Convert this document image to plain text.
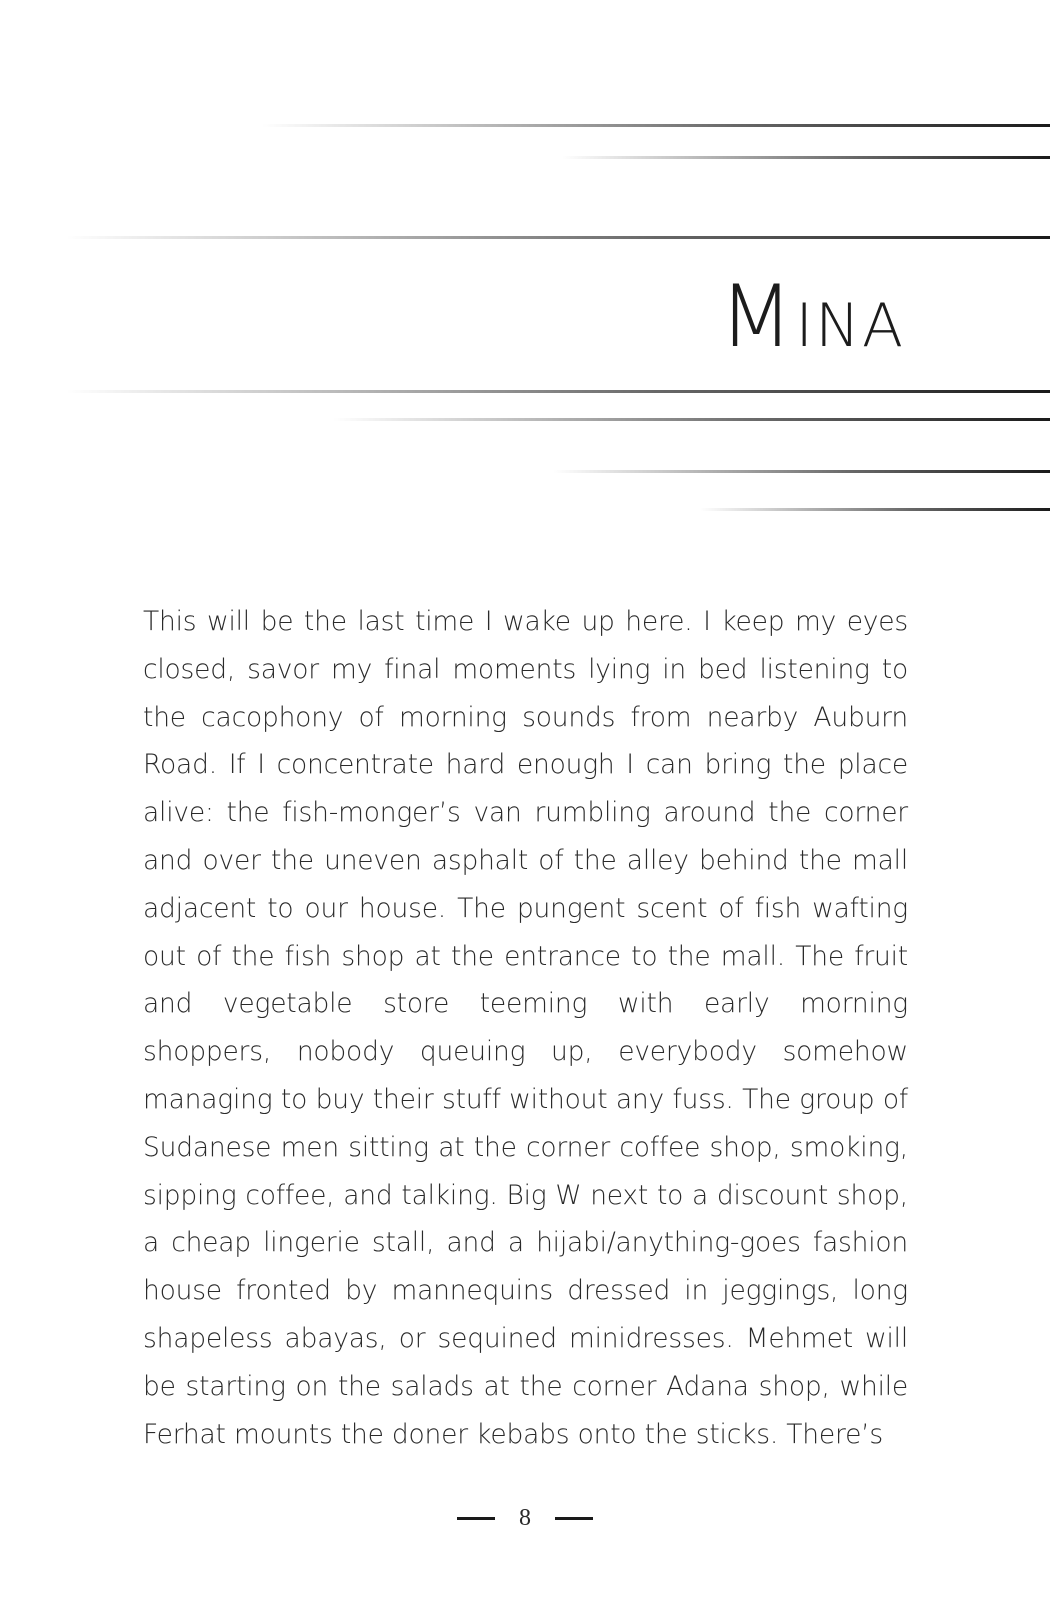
Mina

This will be the last time I wake up here. I keep my eyes closed, savor my final moments lying in bed listening to the cacophony of morning sounds from nearby Auburn Road. If I concentrate hard enough I can bring the place alive: the fish-monger’s van rumbling around the corner and over the uneven asphalt of the alley behind the mall adjacent to our house. The pungent scent of fish wafting out of the fish shop at the entrance to the mall. The fruit and vegetable store teeming with early morning shoppers, nobody queuing up, everybody somehow managing to buy their stuff without any fuss. The group of Sudanese men sitting at the corner coffee shop, smoking, sipping coffee, and talking. Big W next to a discount shop, a cheap lingerie stall, and a hijabi/anything-goes fashion house fronted by mannequins dressed in jeggings, long shapeless abayas, or sequined minidresses. Mehmet will be starting on the salads at the corner Adana shop, while Ferhat mounts the doner kebabs onto the sticks. There’s

8
